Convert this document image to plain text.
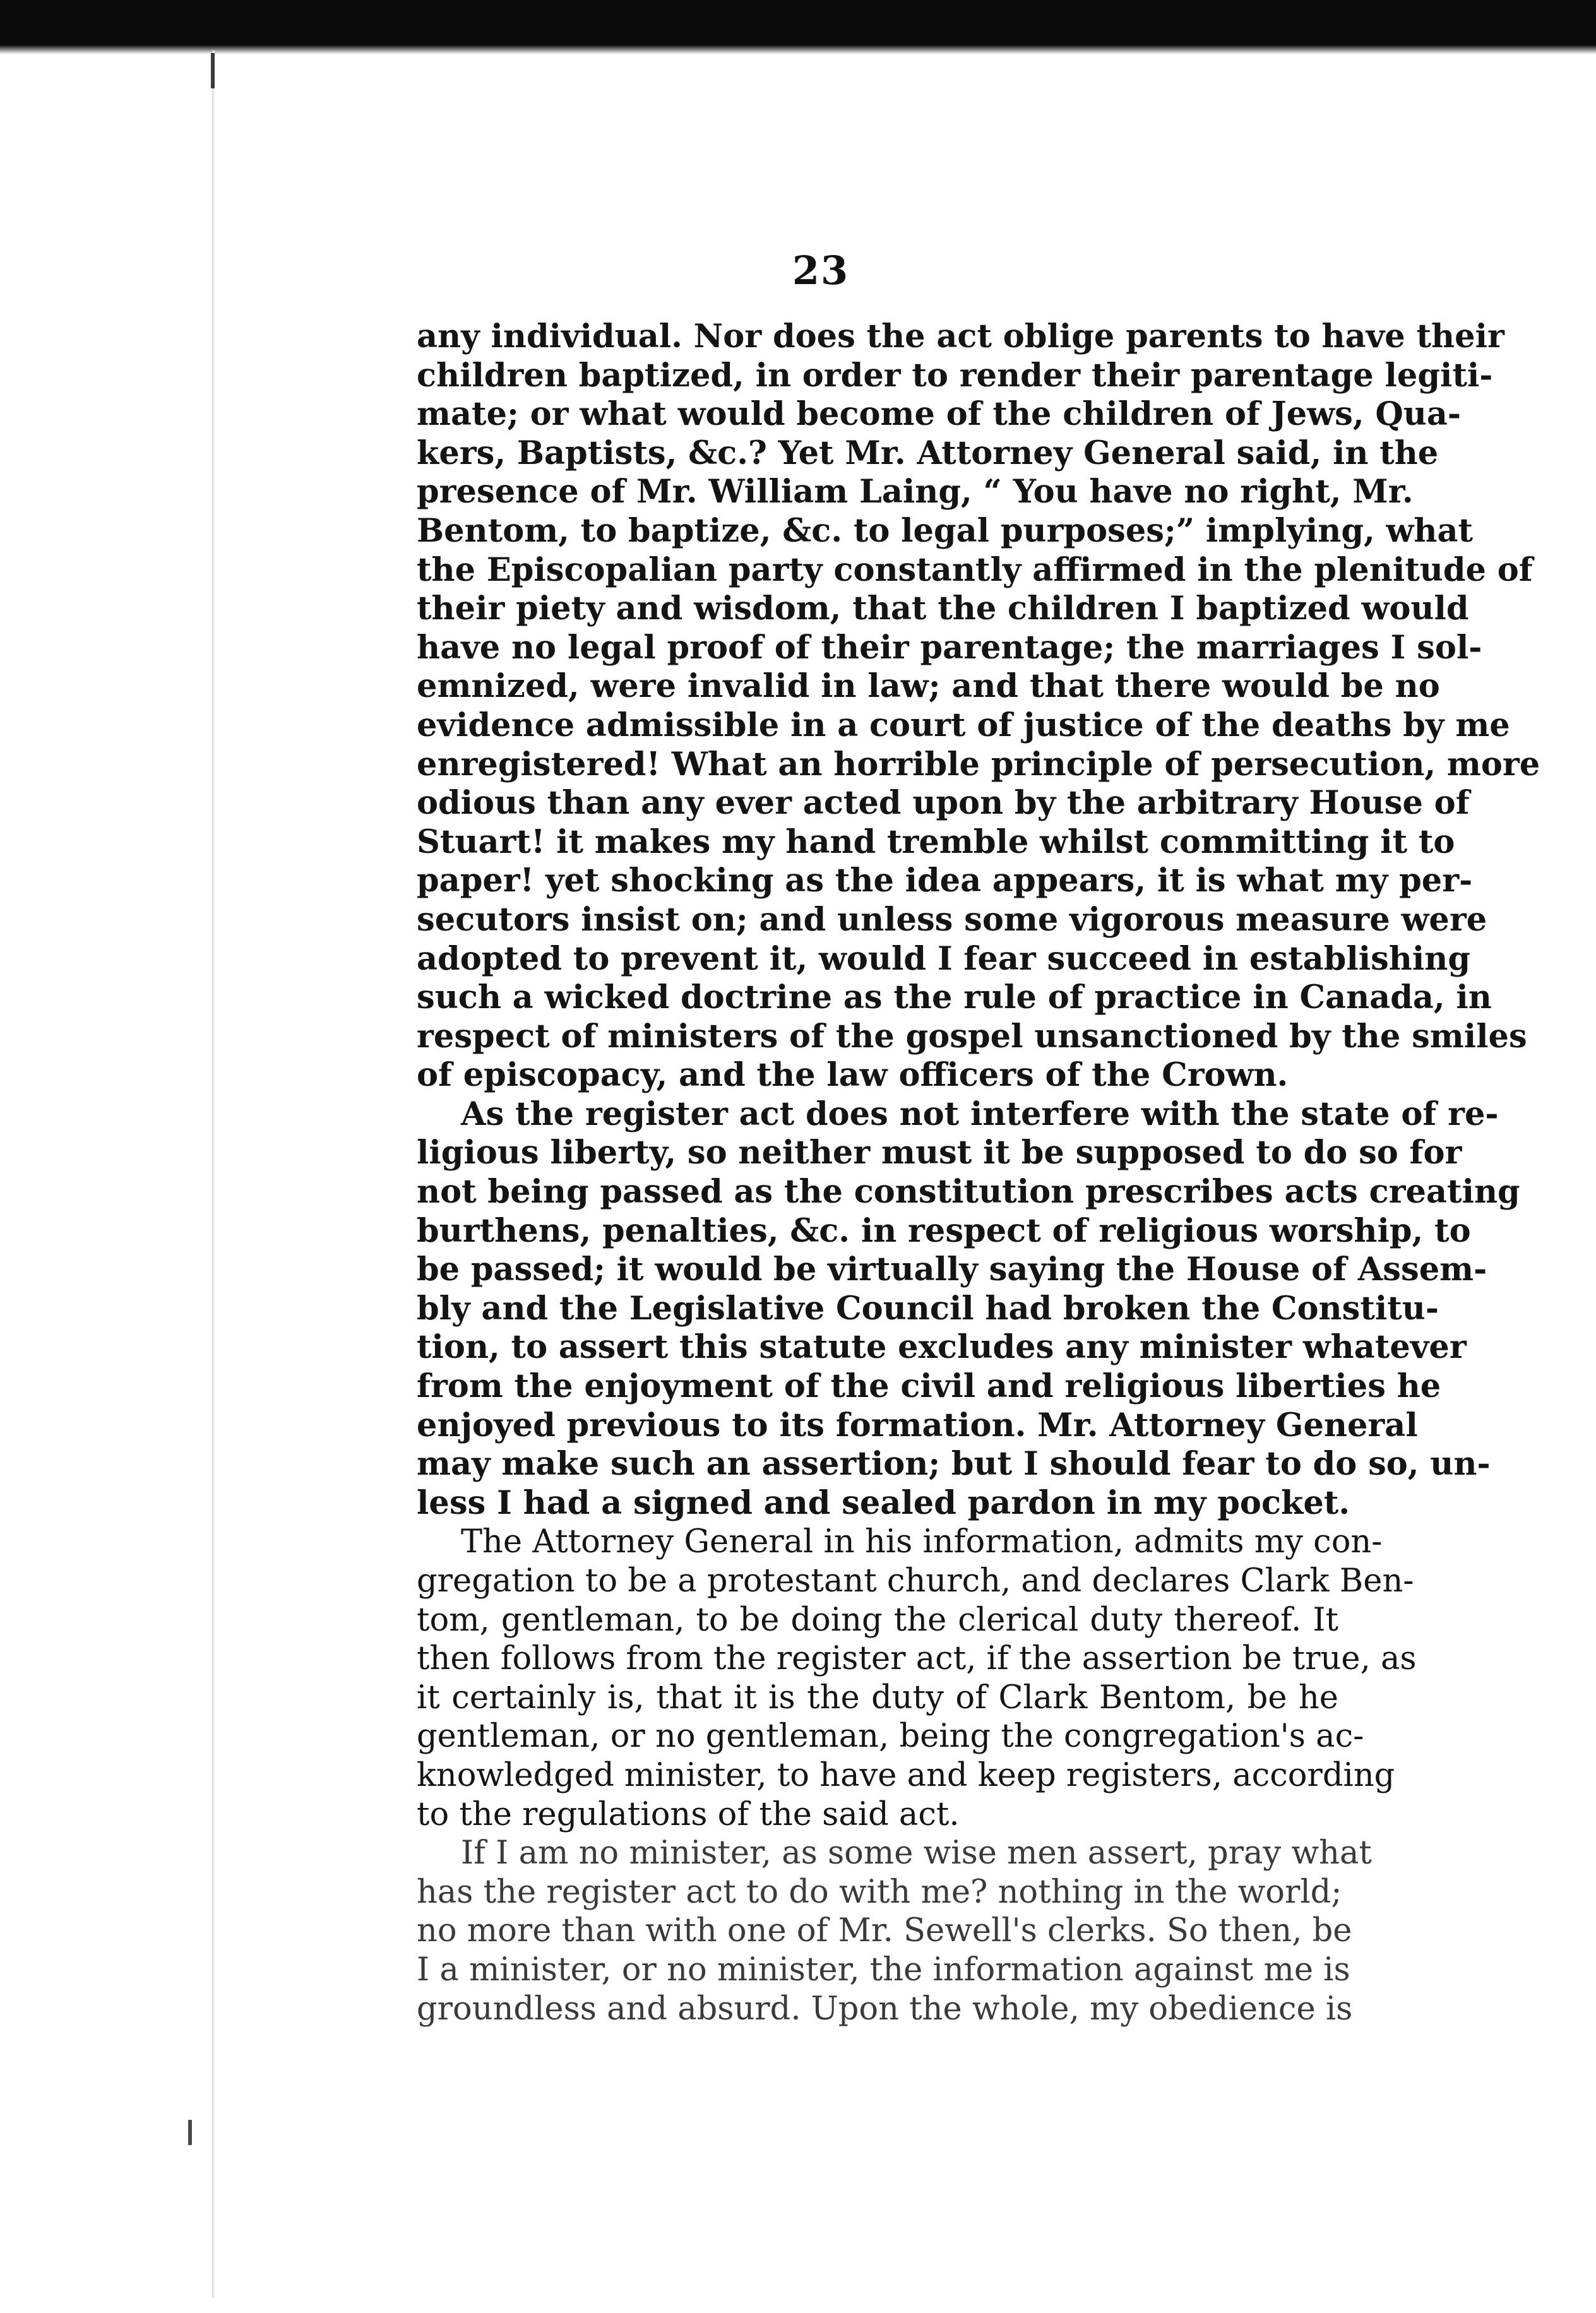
23
any individual. Nor does the act oblige parents to have their
children baptized, in order to render their parentage legiti-
mate; or what would become of the children of Jews, Qua-
kers, Baptists, &c.? Yet Mr. Attorney General said, in the
presence of Mr. William Laing, “ You have no right, Mr.
Bentom, to baptize, &c. to legal purposes;” implying, what
the Episcopalian party constantly affirmed in the plenitude of
their piety and wisdom, that the children I baptized would
have no legal proof of their parentage; the marriages I sol-
emnized, were invalid in law; and that there would be no
evidence admissible in a court of justice of the deaths by me
enregistered! What an horrible principle of persecution, more
odious than any ever acted upon by the arbitrary House of
Stuart! it makes my hand tremble whilst committing it to
paper! yet shocking as the idea appears, it is what my per-
secutors insist on; and unless some vigorous measure were
adopted to prevent it, would I fear succeed in establishing
such a wicked doctrine as the rule of practice in Canada, in
respect of ministers of the gospel unsanctioned by the smiles
of episcopacy, and the law officers of the Crown.
As the register act does not interfere with the state of re-
ligious liberty, so neither must it be supposed to do so for
not being passed as the constitution prescribes acts creating
burthens, penalties, &c. in respect of religious worship, to
be passed; it would be virtually saying the House of Assem-
bly and the Legislative Council had broken the Constitu-
tion, to assert this statute excludes any minister whatever
from the enjoyment of the civil and religious liberties he
enjoyed previous to its formation. Mr. Attorney General
may make such an assertion; but I should fear to do so, un-
less I had a signed and sealed pardon in my pocket.
The Attorney General in his information, admits my con-
gregation to be a protestant church, and declares Clark Ben-
tom, gentleman, to be doing the clerical duty thereof. It
then follows from the register act, if the assertion be true, as
it certainly is, that it is the duty of Clark Bentom, be he
gentleman, or no gentleman, being the congregation's ac-
knowledged minister, to have and keep registers, according
to the regulations of the said act.
If I am no minister, as some wise men assert, pray what
has the register act to do with me? nothing in the world;
no more than with one of Mr. Sewell's clerks. So then, be
I a minister, or no minister, the information against me is
groundless and absurd. Upon the whole, my obedience is
